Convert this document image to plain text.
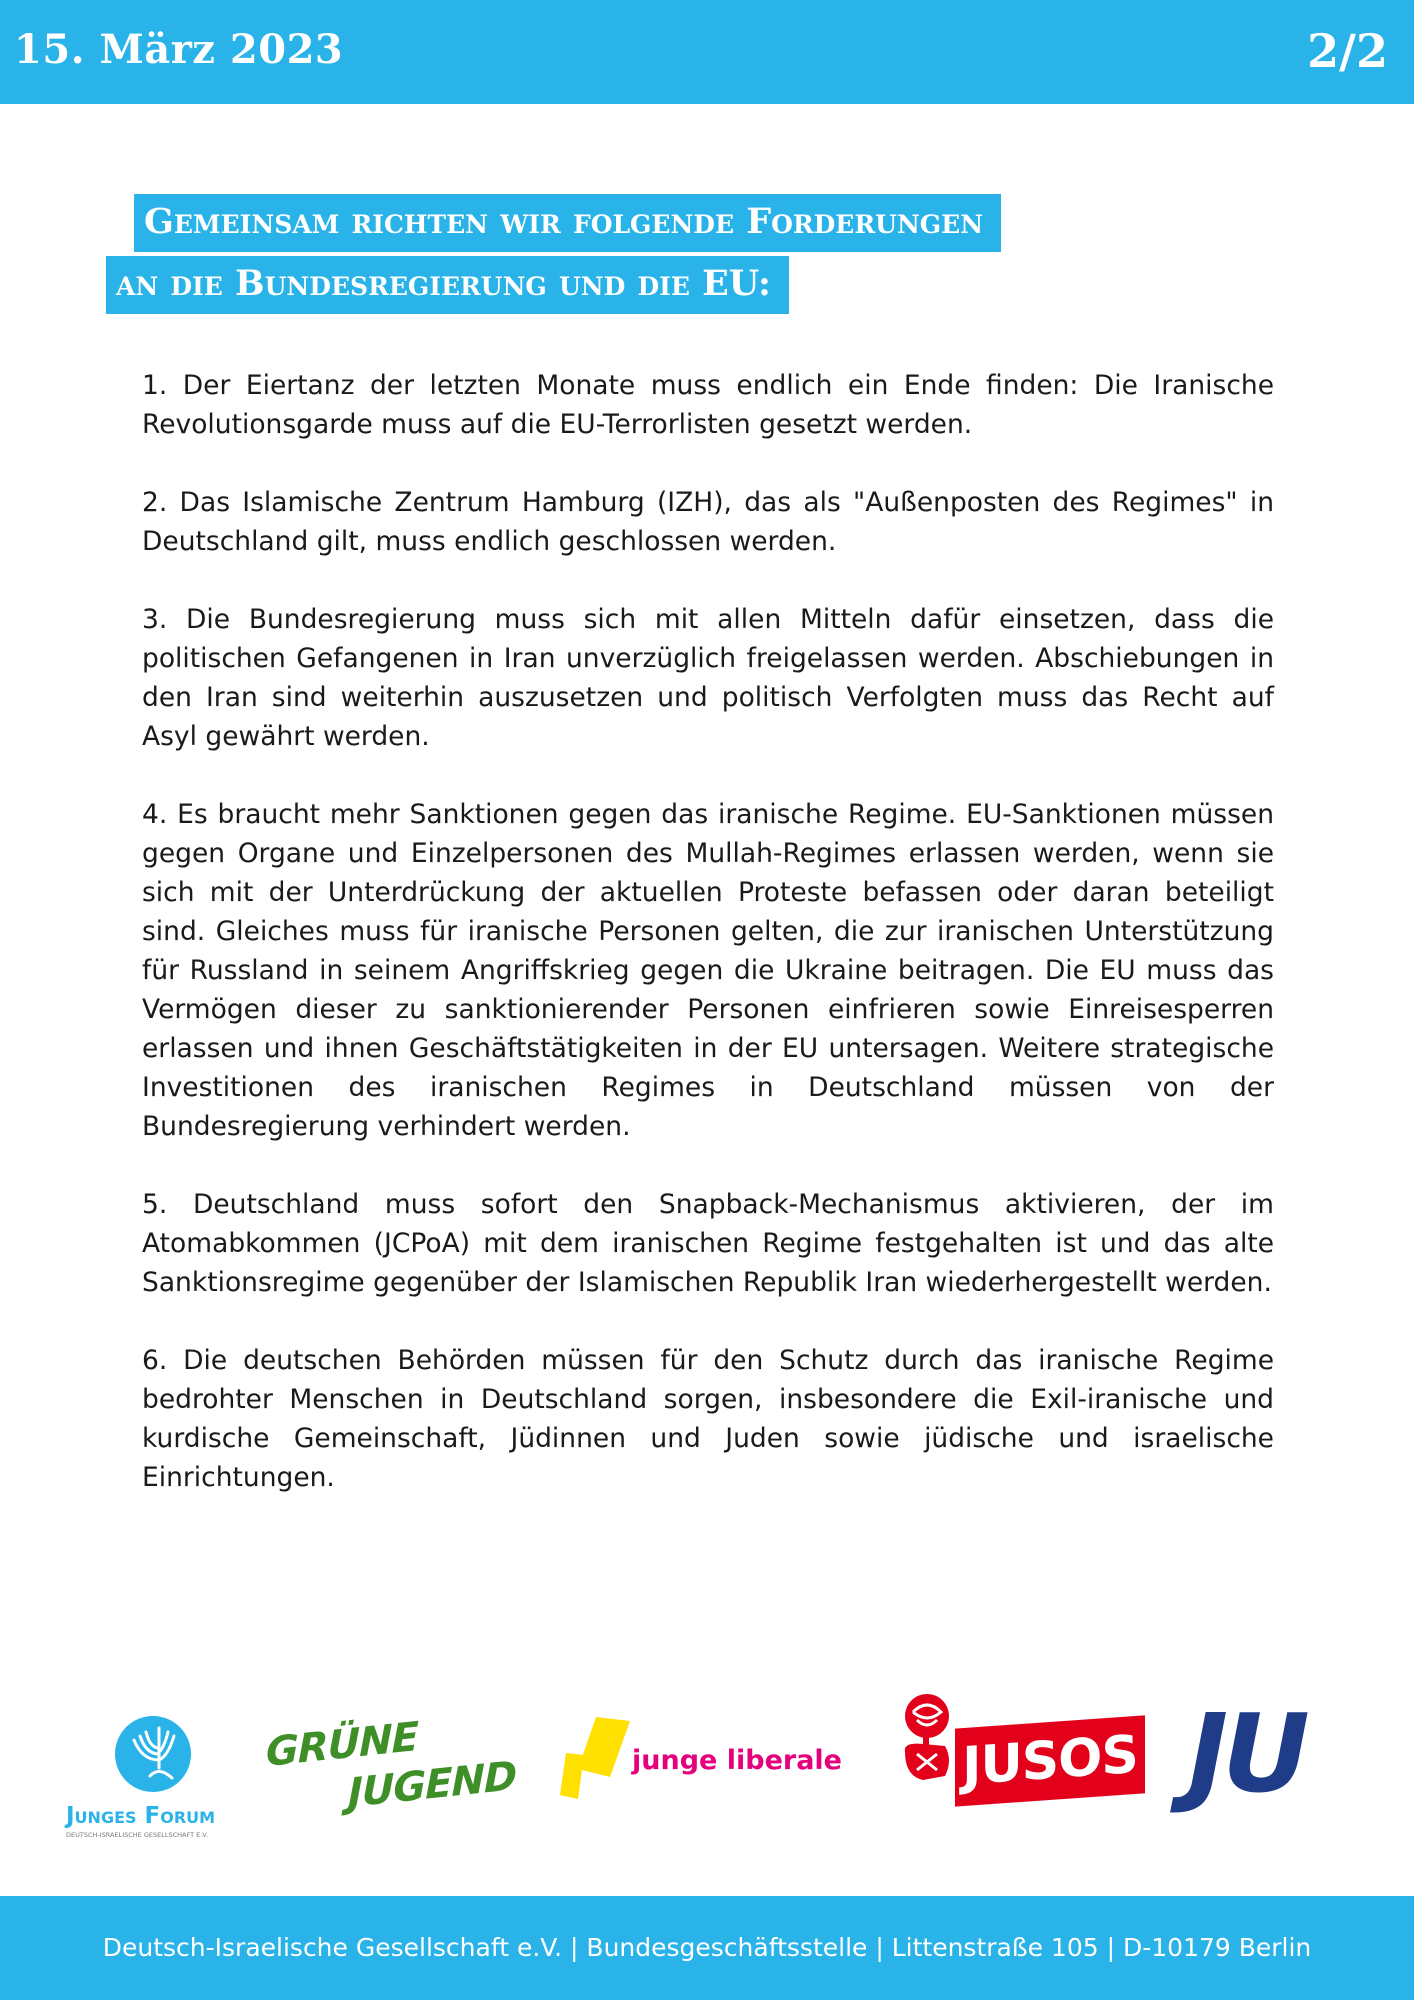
15. März 2023	2/2
Gemeinsam richten wir folgende Forderungen
an die Bundesregierung und die EU:

1. Der Eiertanz der letzten Monate muss endlich ein Ende finden: Die Iranische Revolutionsgarde muss auf die EU-Terrorlisten gesetzt werden.

2. Das Islamische Zentrum Hamburg (IZH), das als "Außenposten des Regimes" in Deutschland gilt, muss endlich geschlossen werden.

3. Die Bundesregierung muss sich mit allen Mitteln dafür einsetzen, dass die politischen Gefangenen in Iran unverzüglich freigelassen werden. Abschiebungen in den Iran sind weiterhin auszusetzen und politisch Verfolgten muss das Recht auf Asyl gewährt werden.

4. Es braucht mehr Sanktionen gegen das iranische Regime. EU-Sanktionen müssen gegen Organe und Einzelpersonen des Mullah-Regimes erlassen werden, wenn sie sich mit der Unterdrückung der aktuellen Proteste befassen oder daran beteiligt sind. Gleiches muss für iranische Personen gelten, die zur iranischen Unterstützung für Russland in seinem Angriffskrieg gegen die Ukraine beitragen. Die EU muss das Vermögen dieser zu sanktionierender Personen einfrieren sowie Einreisesperren erlassen und ihnen Geschäftstätigkeiten in der EU untersagen. Weitere strategische Investitionen des iranischen Regimes in Deutschland müssen von der Bundesregierung verhindert werden.

5. Deutschland muss sofort den Snapback-Mechanismus aktivieren, der im Atomabkommen (JCPoA) mit dem iranischen Regime festgehalten ist und das alte Sanktionsregime gegenüber der Islamischen Republik Iran wiederhergestellt werden.

6. Die deutschen Behörden müssen für den Schutz durch das iranische Regime bedrohter Menschen in Deutschland sorgen, insbesondere die Exil-iranische und kurdische Gemeinschaft, Jüdinnen und Juden sowie jüdische und israelische Einrichtungen.

Junges Forum
DEUTSCH-ISRAELISCHE GESELLSCHAFT E.V.
GRÜNE
JUGEND	junge liberale JUSOS JU
Deutsch-Israelische Gesellschaft e.V. | Bundesgeschäftsstelle | Littenstraße 105 | D-10179 Berlin
